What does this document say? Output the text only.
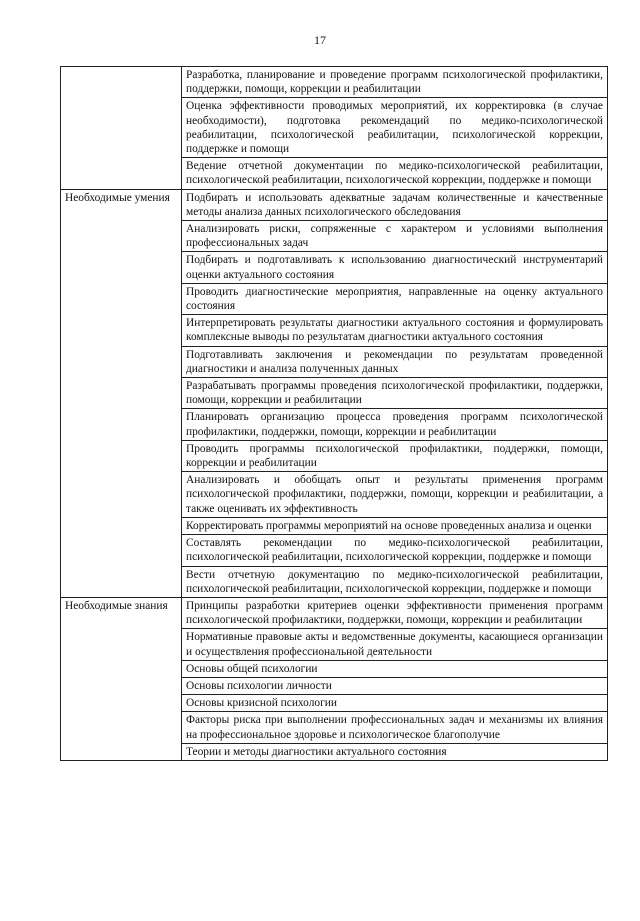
17
	Разработка, планирование и проведение программ психологической профилактики, поддержки, помощи, коррекции и реабилитации
	Оценка эффективности проводимых мероприятий, их корректировка (в случае необходимости), подготовка рекомендаций по медико-психологической реабилитации, психологической реабилитации, психологической коррекции, поддержке и помощи
	Ведение отчетной документации по медико-психологической реабилитации, психологической реабилитации, психологической коррекции, поддержке и помощи
Необходимые умения	Подбирать и использовать адекватные задачам количественные и качественные методы анализа данных психологического обследования
	Анализировать риски, сопряженные с характером и условиями выполнения профессиональных задач
	Подбирать и подготавливать к использованию диагностический инструментарий оценки актуального состояния
	Проводить диагностические мероприятия, направленные на оценку актуального состояния
	Интерпретировать результаты диагностики актуального состояния и формулировать комплексные выводы по результатам диагностики актуального состояния
	Подготавливать заключения и рекомендации по результатам проведенной диагностики и анализа полученных данных
	Разрабатывать программы проведения психологической профилактики, поддержки, помощи, коррекции и реабилитации
	Планировать организацию процесса проведения программ психологической профилактики, поддержки, помощи, коррекции и реабилитации
	Проводить программы психологической профилактики, поддержки, помощи, коррекции и реабилитации
	Анализировать и обобщать опыт и результаты применения программ психологической профилактики, поддержки, помощи, коррекции и реабилитации, а также оценивать их эффективность
	Корректировать программы мероприятий на основе проведенных анализа и оценки
	Составлять рекомендации по медико-психологической реабилитации, психологической реабилитации, психологической коррекции, поддержке и помощи
	Вести отчетную документацию по медико-психологической реабилитации, психологической реабилитации, психологической коррекции, поддержке и помощи
Необходимые знания	Принципы разработки критериев оценки эффективности применения программ психологической профилактики, поддержки, помощи, коррекции и реабилитации
	Нормативные правовые акты и ведомственные документы, касающиеся организации и осуществления профессиональной деятельности
	Основы общей психологии
	Основы психологии личности
	Основы кризисной психологии
	Факторы риска при выполнении профессиональных задач и механизмы их влияния на профессиональное здоровье и психологическое благополучие
	Теории и методы диагностики актуального состояния
